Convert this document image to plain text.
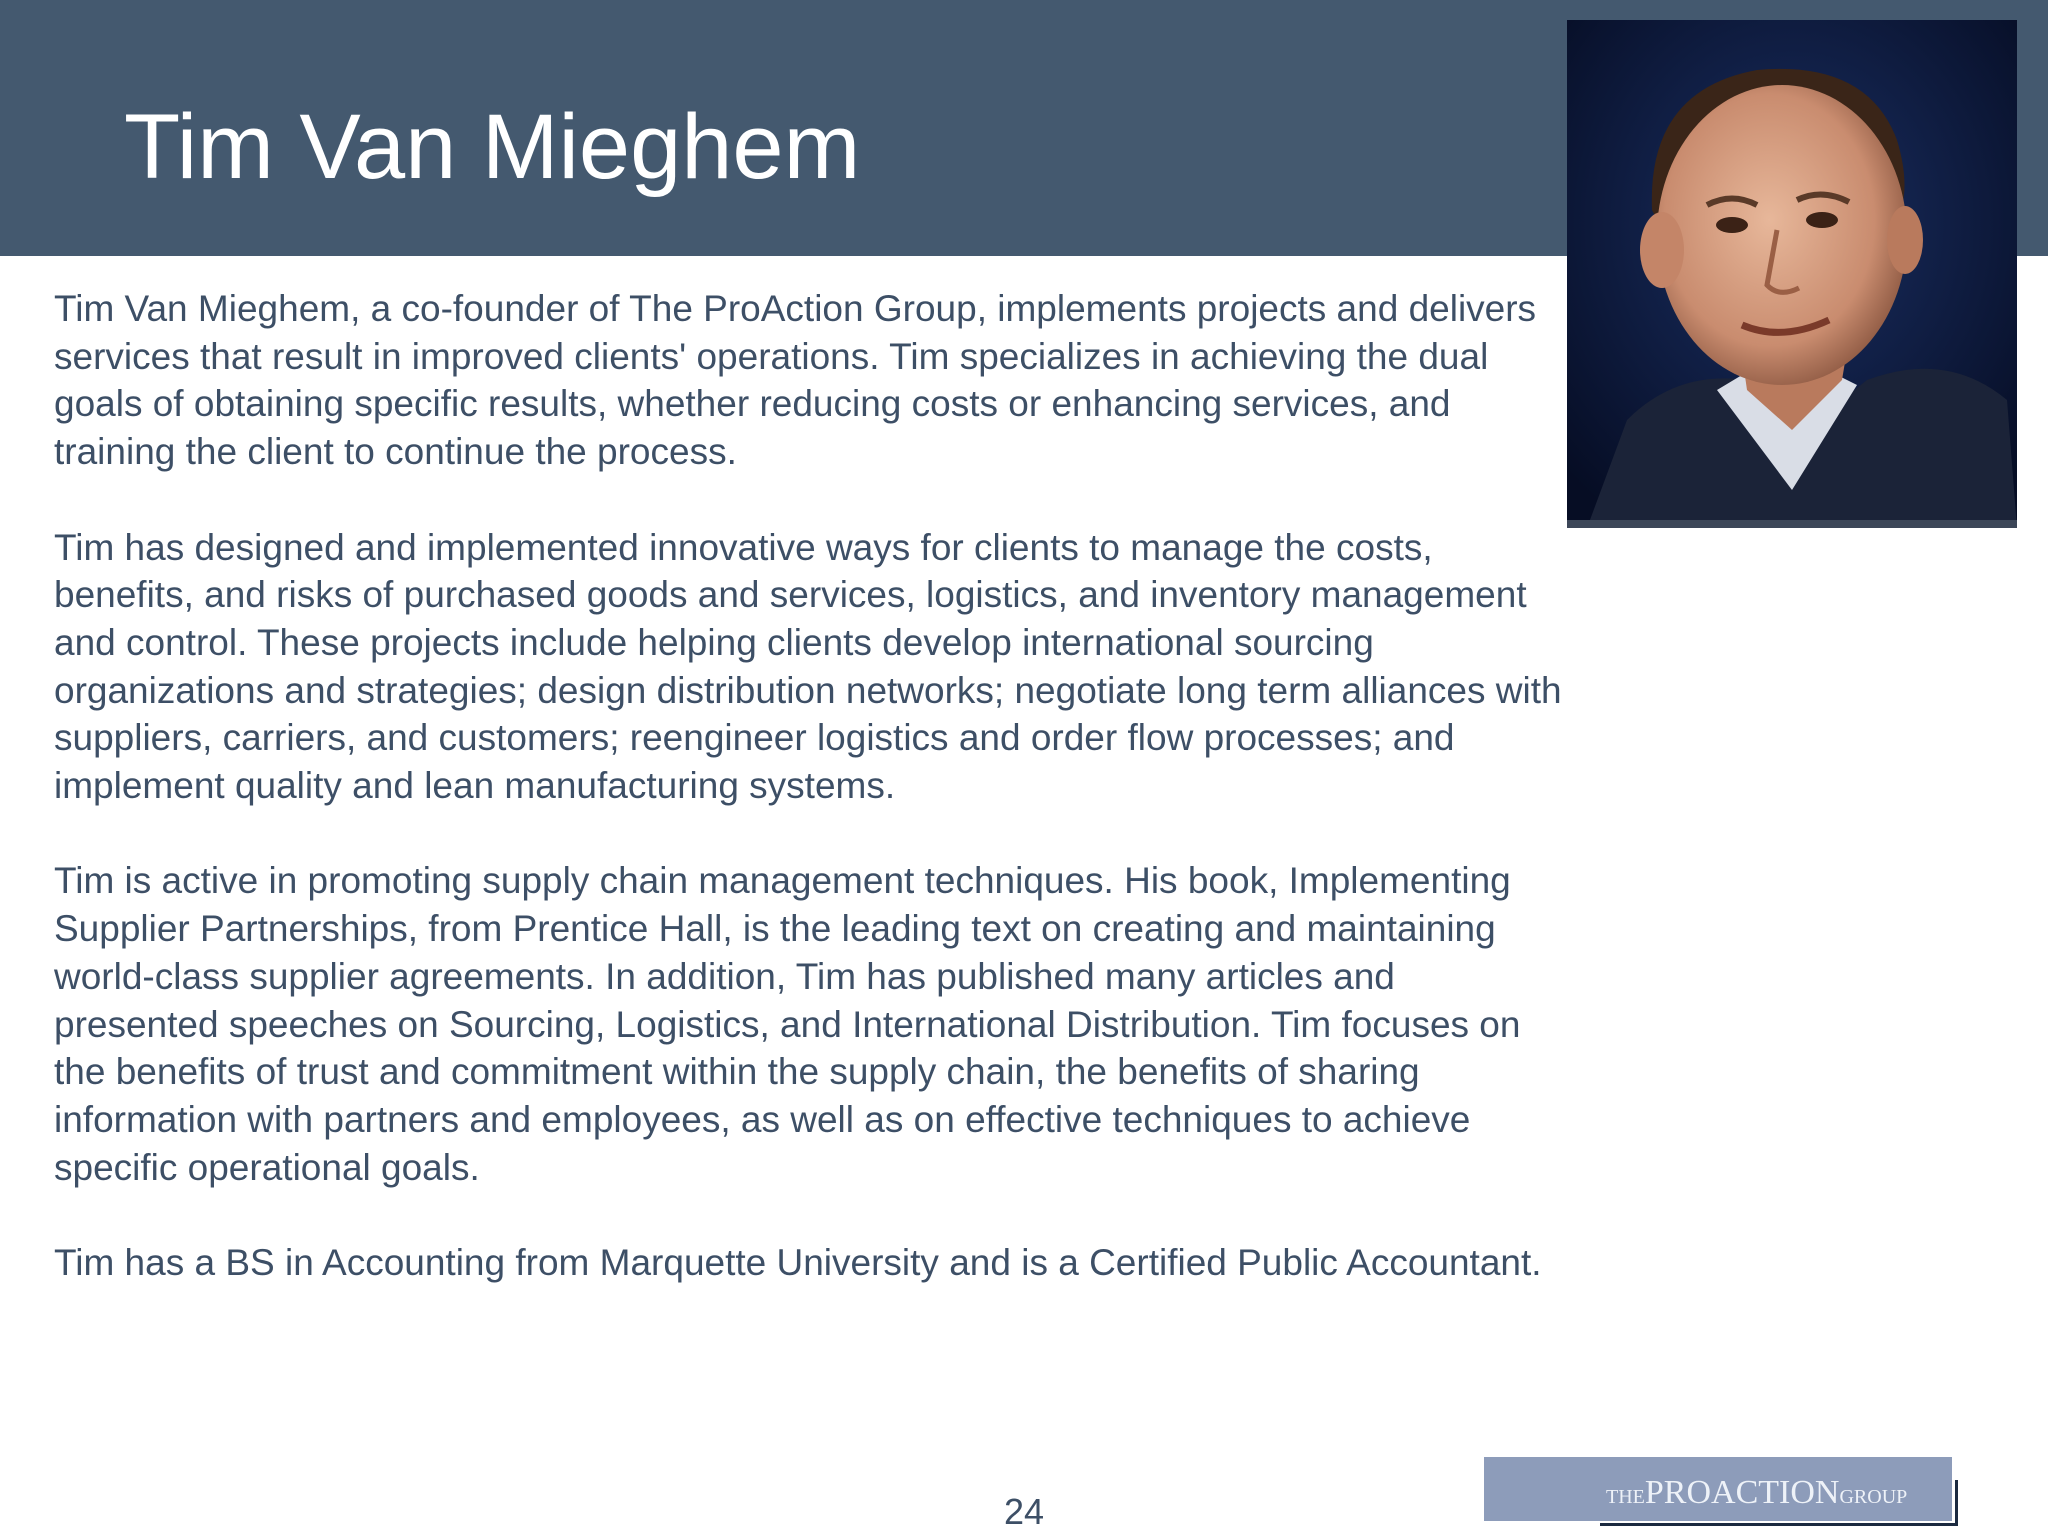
Tim Van Mieghem

Tim Van Mieghem, a co-founder of The ProAction Group, implements projects and delivers services that result in improved clients' operations. Tim specializes in achieving the dual goals of obtaining specific results, whether reducing costs or enhancing services, and training the client to continue the process.

Tim has designed and implemented innovative ways for clients to manage the costs, benefits, and risks of purchased goods and services, logistics, and inventory management and control. These projects include helping clients develop international sourcing organizations and strategies; design distribution networks; negotiate long term alliances with suppliers, carriers, and customers; reengineer logistics and order flow processes; and implement quality and lean manufacturing systems.

Tim is active in promoting supply chain management techniques. His book, Implementing Supplier Partnerships, from Prentice Hall, is the leading text on creating and maintaining world-class supplier agreements. In addition, Tim has published many articles and presented speeches on Sourcing, Logistics, and International Distribution. Tim focuses on the benefits of trust and commitment within the supply chain, the benefits of sharing information with partners and employees, as well as on effective techniques to achieve specific operational goals.

Tim has a BS in Accounting from Marquette University and is a Certified Public Accountant.

24	THEPROACTIONGROUP
